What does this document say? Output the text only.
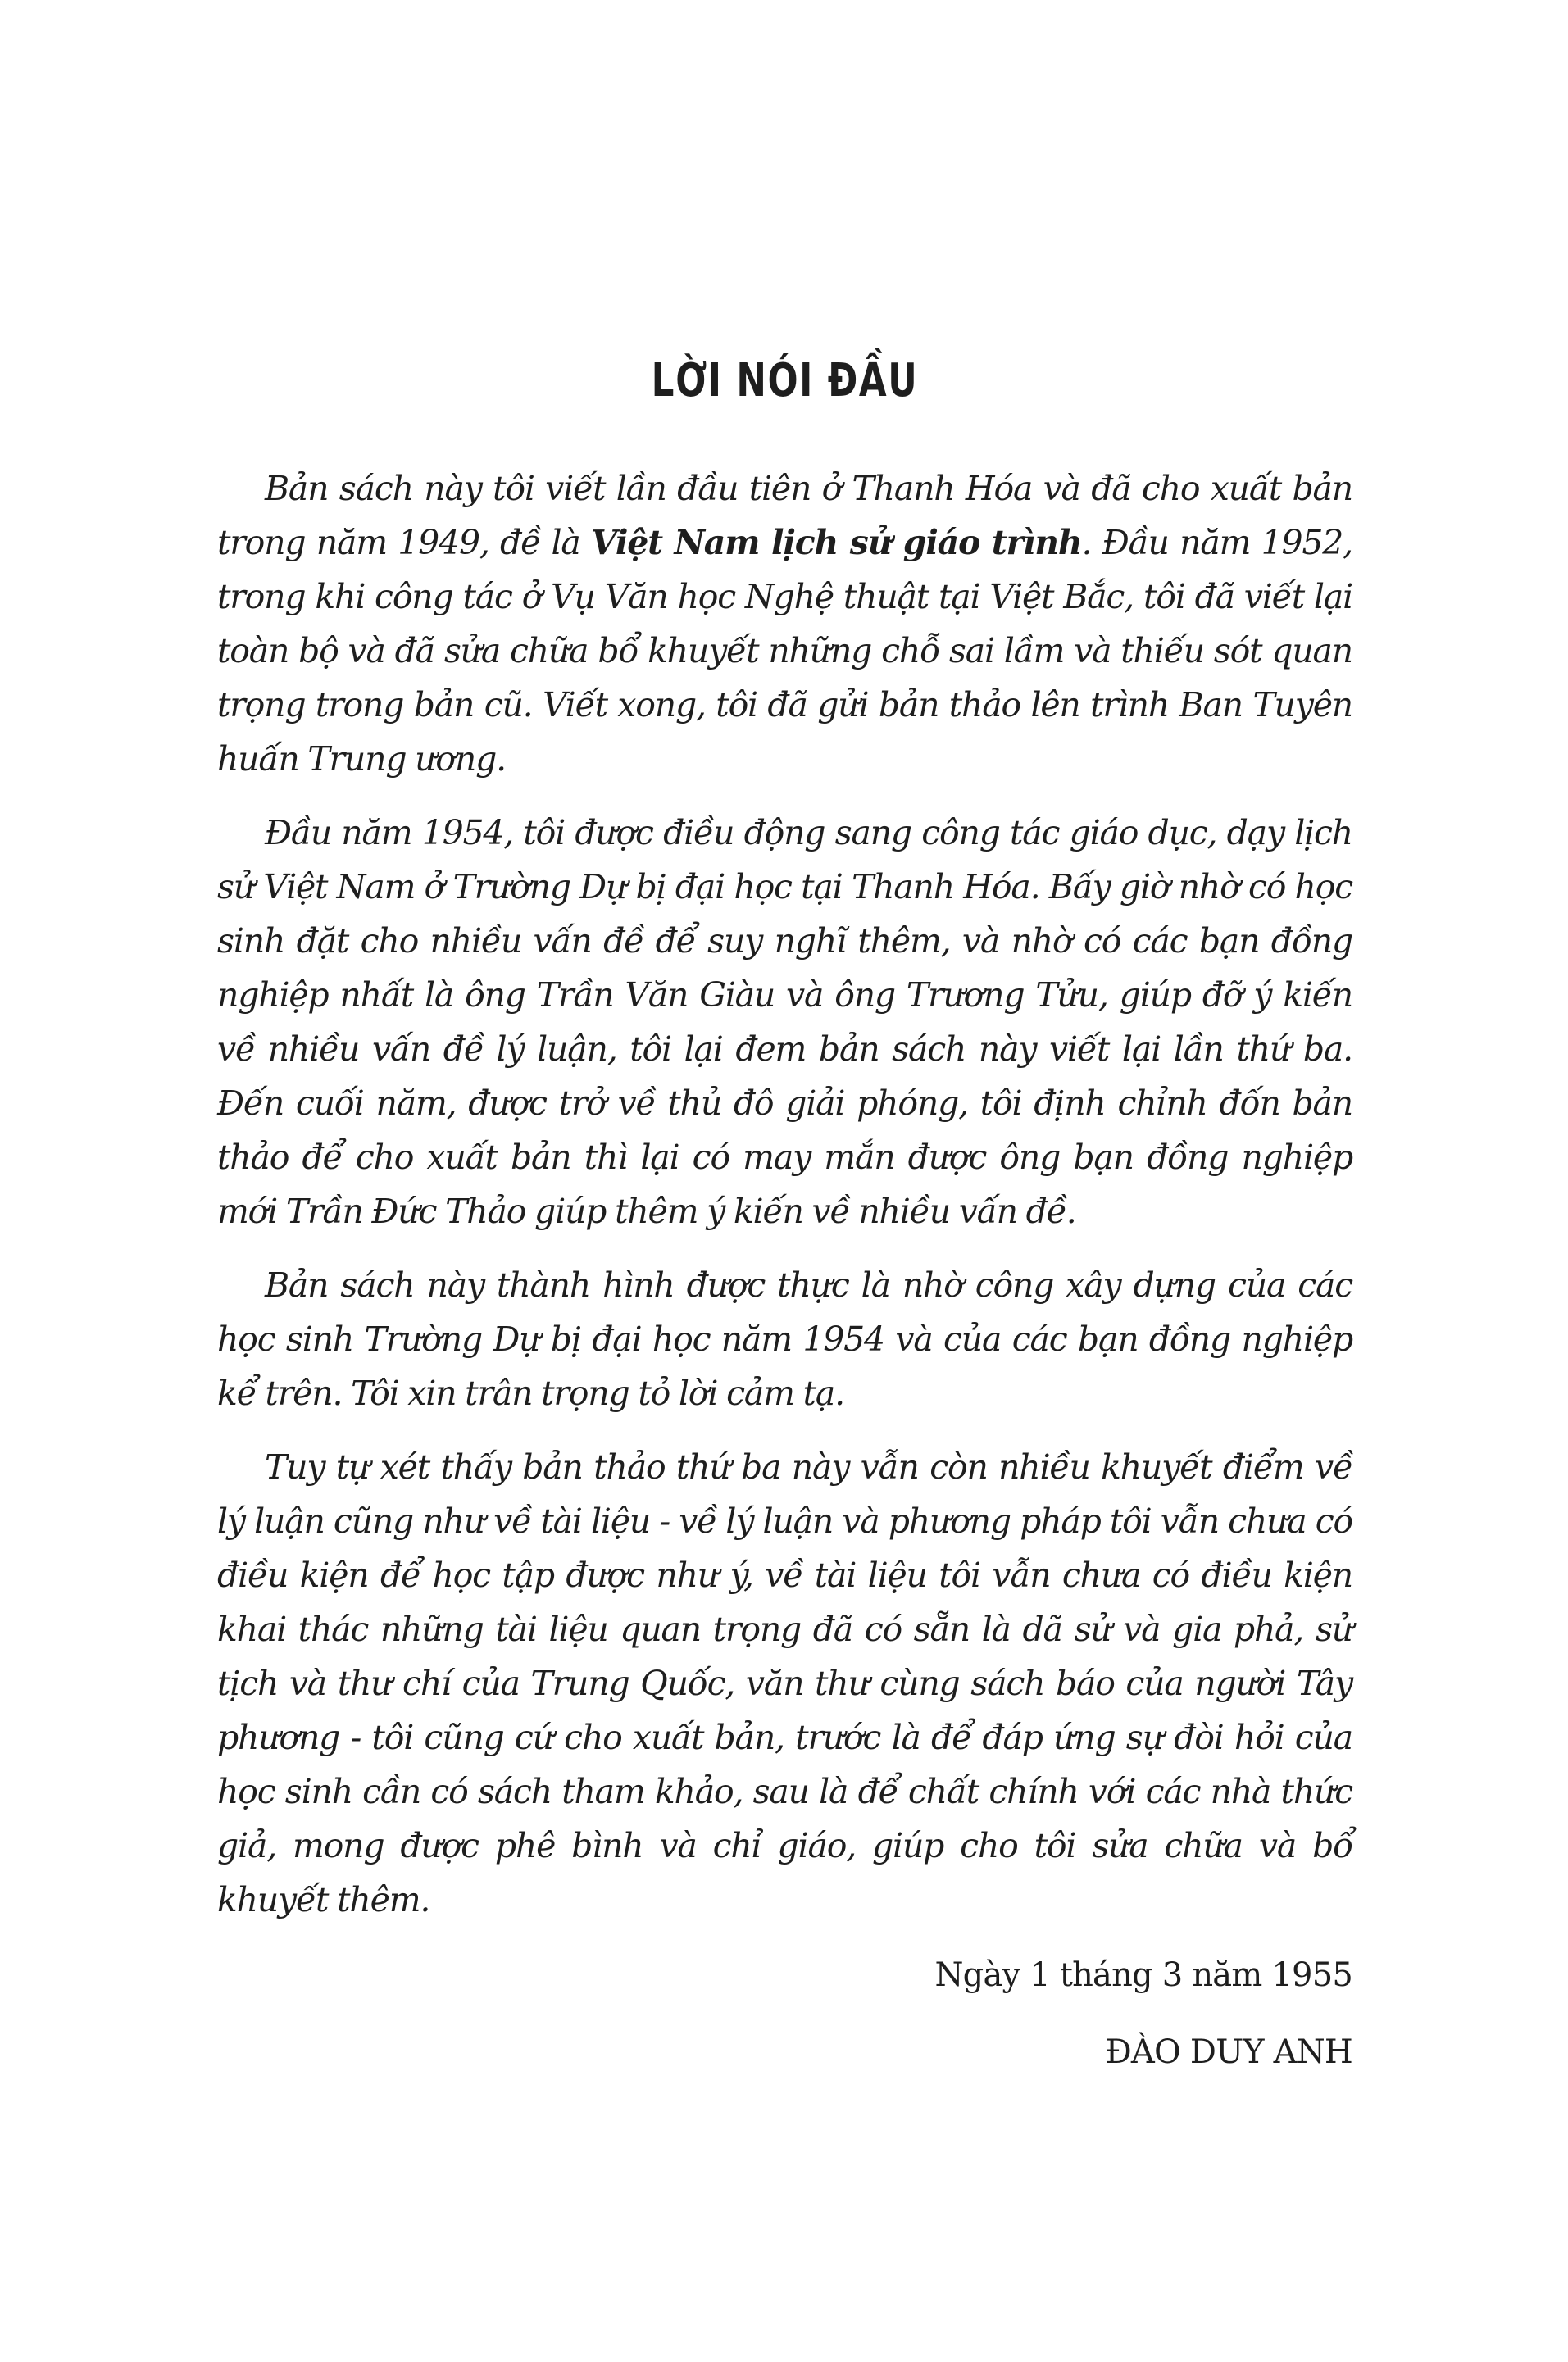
LỜI NÓI ĐẦU

Bản sách này tôi viết lần đầu tiên ở Thanh Hóa và đã cho xuất bản trong năm 1949, đề là Việt Nam lịch sử giáo trình. Đầu năm 1952, trong khi công tác ở Vụ Văn học Nghệ thuật tại Việt Bắc, tôi đã viết lại toàn bộ và đã sửa chữa bổ khuyết những chỗ sai lầm và thiếu sót quan trọng trong bản cũ. Viết xong, tôi đã gửi bản thảo lên trình Ban Tuyên huấn Trung ương.

Đầu năm 1954, tôi được điều động sang công tác giáo dục, dạy lịch sử Việt Nam ở Trường Dự bị đại học tại Thanh Hóa. Bấy giờ nhờ có học sinh đặt cho nhiều vấn đề để suy nghĩ thêm, và nhờ có các bạn đồng nghiệp nhất là ông Trần Văn Giàu và ông Trương Tửu, giúp đỡ ý kiến về nhiều vấn đề lý luận, tôi lại đem bản sách này viết lại lần thứ ba. Đến cuối năm, được trở về thủ đô giải phóng, tôi định chỉnh đốn bản thảo để cho xuất bản thì lại có may mắn được ông bạn đồng nghiệp mới Trần Đức Thảo giúp thêm ý kiến về nhiều vấn đề.

Bản sách này thành hình được thực là nhờ công xây dựng của các học sinh Trường Dự bị đại học năm 1954 và của các bạn đồng nghiệp kể trên. Tôi xin trân trọng tỏ lời cảm tạ.

Tuy tự xét thấy bản thảo thứ ba này vẫn còn nhiều khuyết điểm về lý luận cũng như về tài liệu - về lý luận và phương pháp tôi vẫn chưa có điều kiện để học tập được như ý, về tài liệu tôi vẫn chưa có điều kiện khai thác những tài liệu quan trọng đã có sẵn là dã sử và gia phả, sử tịch và thư chí của Trung Quốc, văn thư cùng sách báo của người Tây phương - tôi cũng cứ cho xuất bản, trước là để đáp ứng sự đòi hỏi của học sinh cần có sách tham khảo, sau là để chất chính với các nhà thức giả, mong được phê bình và chỉ giáo, giúp cho tôi sửa chữa và bổ khuyết thêm.

Ngày 1 tháng 3 năm 1955

ĐÀO DUY ANH
